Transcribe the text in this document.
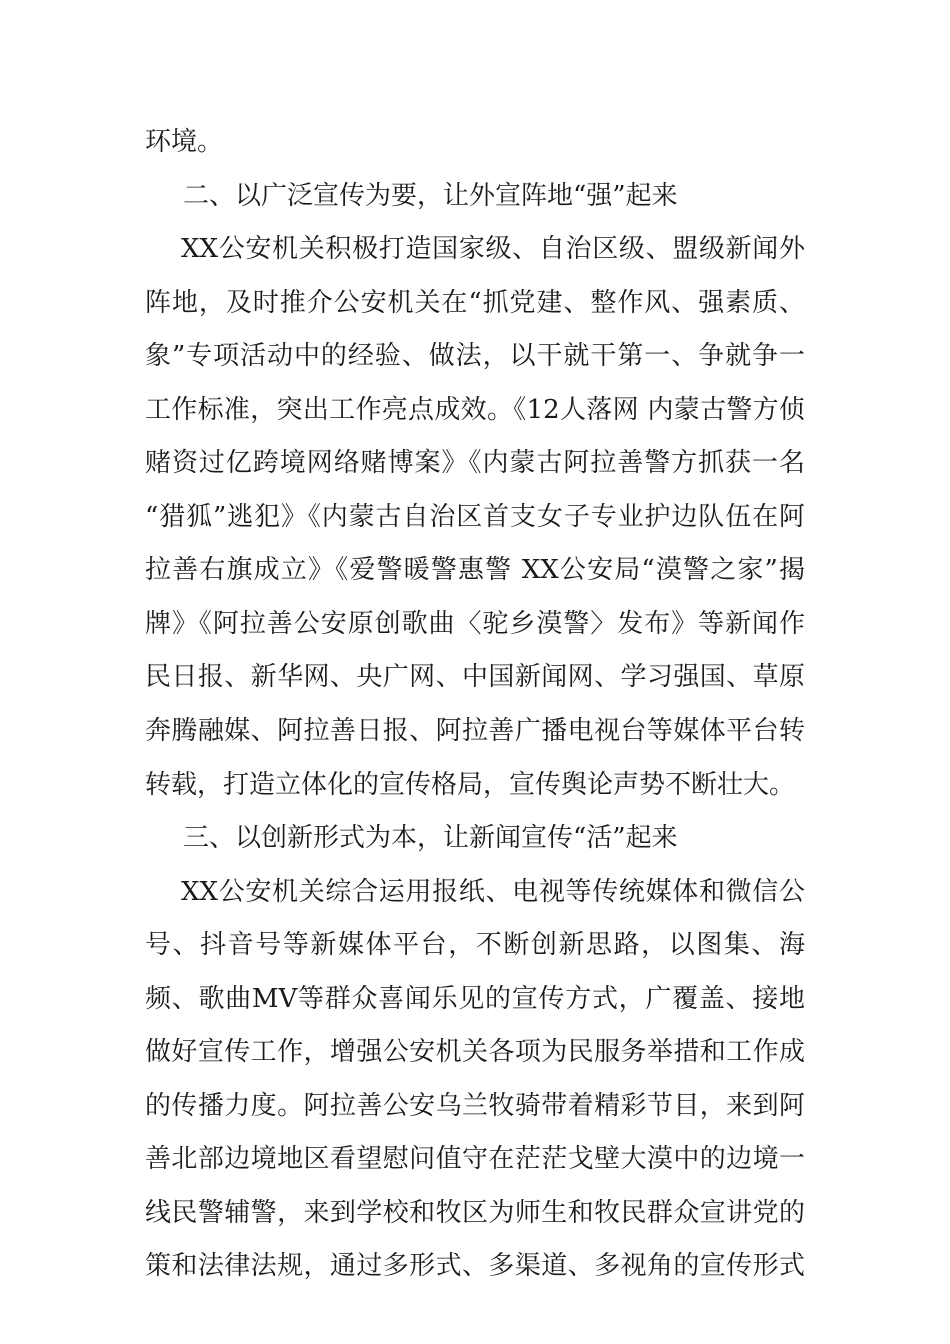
环境。
二、以广泛宣传为要，让外宣阵地“强”起来
XX公安机关积极打造国家级、自治区级、盟级新闻外
阵地，及时推介公安机关在“抓党建、整作风、强素质、
象”专项活动中的经验、做法，以干就干第一、争就争一
工作标准，突出工作亮点成效。《12人落网 内蒙古警方侦
赌资过亿跨境网络赌博案》《内蒙古阿拉善警方抓获一名
“猎狐”逃犯》《内蒙古自治区首支女子专业护边队伍在阿
拉善右旗成立》《爱警暖警惠警 XX公安局“漠警之家”揭
牌》《阿拉善公安原创歌曲〈驼乡漠警〉发布》等新闻作
民日报、新华网、央广网、中国新闻网、学习强国、草原
奔腾融媒、阿拉善日报、阿拉善广播电视台等媒体平台转
转载，打造立体化的宣传格局，宣传舆论声势不断壮大。
三、以创新形式为本，让新闻宣传“活”起来
XX公安机关综合运用报纸、电视等传统媒体和微信公
号、抖音号等新媒体平台，不断创新思路，以图集、海
频、歌曲MV等群众喜闻乐见的宣传方式，广覆盖、接地
做好宣传工作，增强公安机关各项为民服务举措和工作成
的传播力度。阿拉善公安乌兰牧骑带着精彩节目，来到阿
善北部边境地区看望慰问值守在茫茫戈壁大漠中的边境一
线民警辅警，来到学校和牧区为师生和牧民群众宣讲党的
策和法律法规，通过多形式、多渠道、多视角的宣传形式
